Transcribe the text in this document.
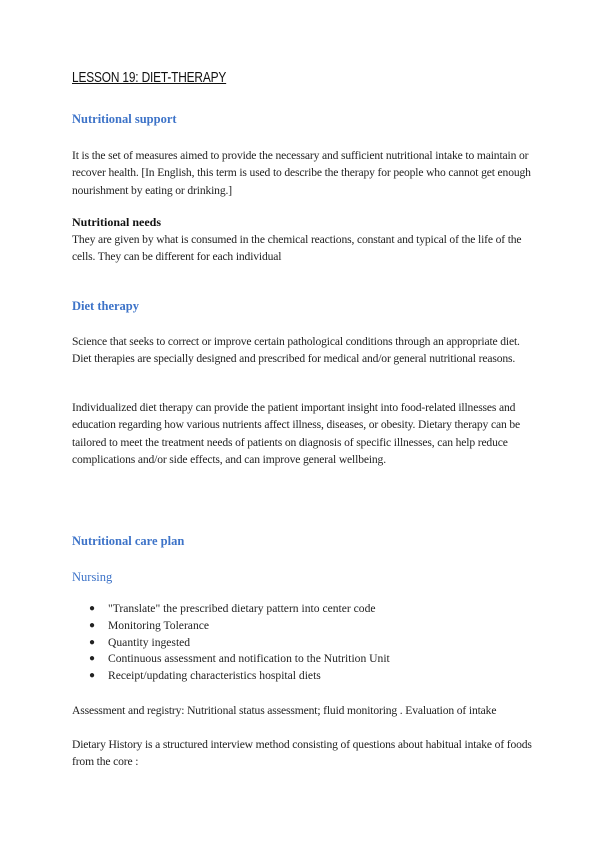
LESSON 19: DIET-THERAPY
Nutritional support

It is the set of measures aimed to provide the necessary and sufficient nutritional intake to maintain or recover health. [In English, this term is used to describe the therapy for people who cannot get enough nourishment by eating or drinking.]

Nutritional needs

They are given by what is consumed in the chemical reactions, constant and typical of the life of the cells. They can be different for each individual

Diet therapy

Science that seeks to correct or improve certain pathological conditions through an appropriate diet. Diet therapies are specially designed and prescribed for medical and/or general nutritional reasons.

Individualized diet therapy can provide the patient important insight into food-related illnesses and education regarding how various nutrients affect illness, diseases, or obesity. Dietary therapy can be tailored to meet the treatment needs of patients on diagnosis of specific illnesses, can help reduce complications and/or side effects, and can improve general wellbeing.

Nutritional care plan
Nursing
● "Translate" the prescribed dietary pattern into center code
● Monitoring Tolerance
● Quantity ingested
● Continuous assessment and notification to the Nutrition Unit
● Receipt/updating characteristics hospital diets

Assessment and registry: Nutritional status assessment; fluid monitoring . Evaluation of intake

Dietary History is a structured interview method consisting of questions about habitual intake of foods from the core :
